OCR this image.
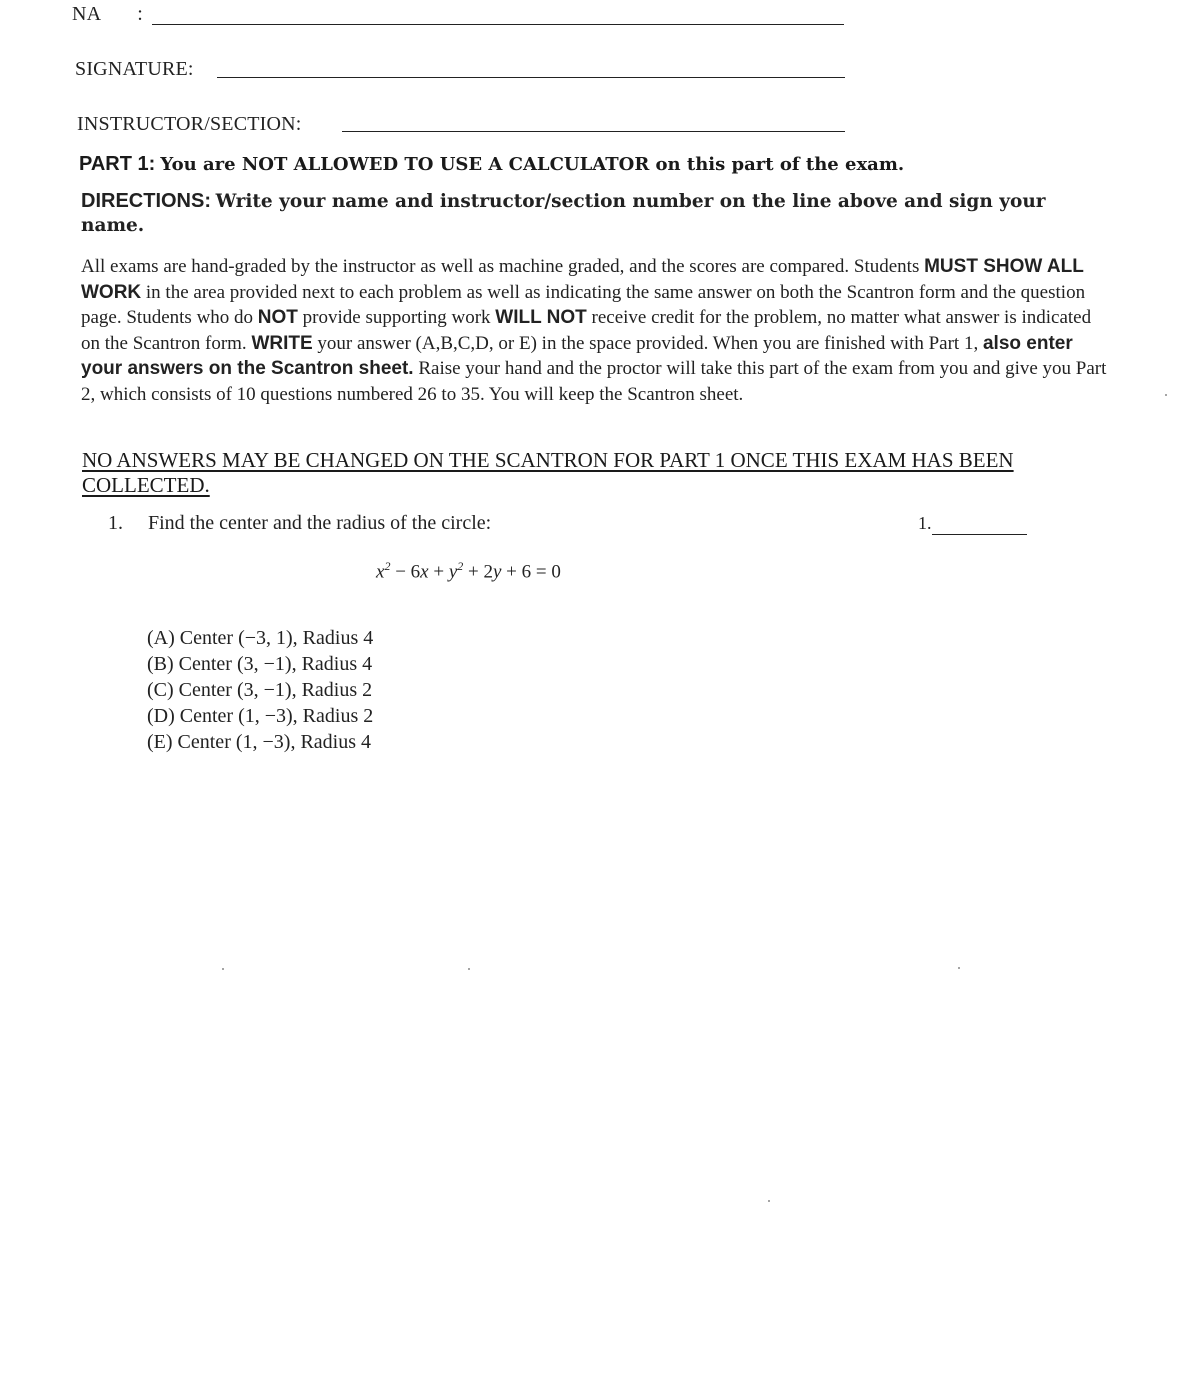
NA :
SIGNATURE:
INSTRUCTOR/SECTION:
PART 1: You are NOT ALLOWED TO USE A CALCULATOR on this part of the exam.
DIRECTIONS: Write your name and instructor/section number on the line above and sign your name.
All exams are hand-graded by the instructor as well as machine graded, and the scores are compared. Students MUST SHOW ALL WORK in the area provided next to each problem as well as indicating the same answer on both the Scantron form and the question page. Students who do NOT provide supporting work WILL NOT receive credit for the problem, no matter what answer is indicated on the Scantron form. WRITE your answer (A,B,C,D, or E) in the space provided. When you are finished with Part 1, also enter your answers on the Scantron sheet. Raise your hand and the proctor will take this part of the exam from you and give you Part 2, which consists of 10 questions numbered 26 to 35. You will keep the Scantron sheet.
NO ANSWERS MAY BE CHANGED ON THE SCANTRON FOR PART 1 ONCE THIS EXAM HAS BEEN COLLECTED.
1. Find the center and the radius of the circle:	1.
$x^2 - 6x + y^2 + 2y + 6 = 0$
(A) Center (−3, 1), Radius 4
(B) Center (3, −1), Radius 4
(C) Center (3, −1), Radius 2
(D) Center (1, −3), Radius 2
(E) Center (1, −3), Radius 4
